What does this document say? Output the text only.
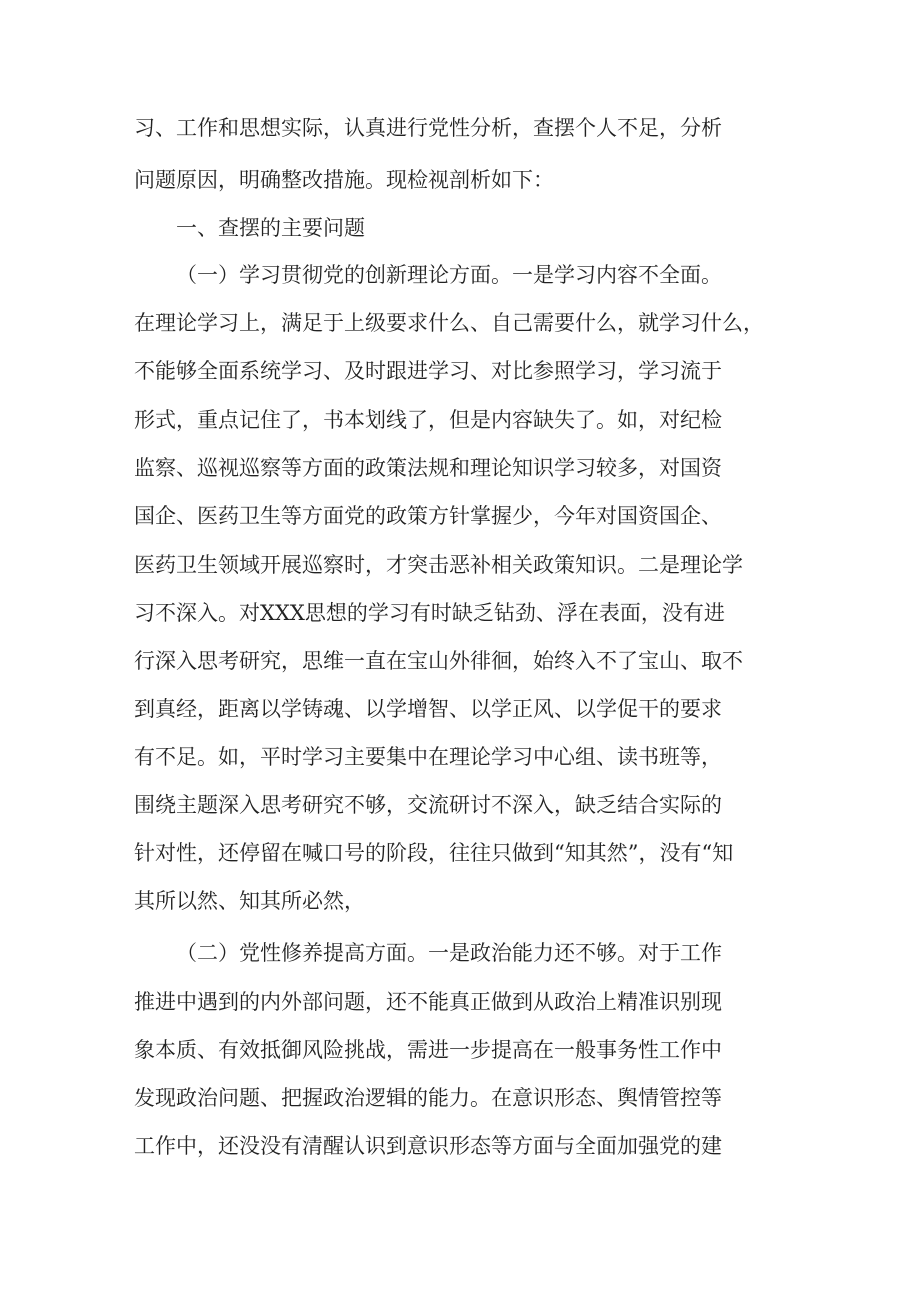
习、工作和思想实际，认真进行党性分析，查摆个人不足，分析
问题原因，明确整改措施。现检视剖析如下：
一、查摆的主要问题
（一）学习贯彻党的创新理论方面。一是学习内容不全面。
在理论学习上，满足于上级要求什么、自己需要什么，就学习什么，
不能够全面系统学习、及时跟进学习、对比参照学习，学习流于
形式，重点记住了，书本划线了，但是内容缺失了。如，对纪检
监察、巡视巡察等方面的政策法规和理论知识学习较多，对国资
国企、医药卫生等方面党的政策方针掌握少，今年对国资国企、
医药卫生领域开展巡察时，才突击恶补相关政策知识。二是理论学
习不深入。对XXX思想的学习有时缺乏钻劲、浮在表面，没有进
行深入思考研究，思维一直在宝山外徘徊，始终入不了宝山、取不
到真经，距离以学铸魂、以学增智、以学正风、以学促干的要求
有不足。如，平时学习主要集中在理论学习中心组、读书班等，
围绕主题深入思考研究不够，交流研讨不深入，缺乏结合实际的
针对性，还停留在喊口号的阶段，往往只做到“知其然”，没有“知
其所以然、知其所必然，
（二）党性修养提高方面。一是政治能力还不够。对于工作
推进中遇到的内外部问题，还不能真正做到从政治上精准识别现
象本质、有效抵御风险挑战，需进一步提高在一般事务性工作中
发现政治问题、把握政治逻辑的能力。在意识形态、舆情管控等
工作中，还没没有清醒认识到意识形态等方面与全面加强党的建
